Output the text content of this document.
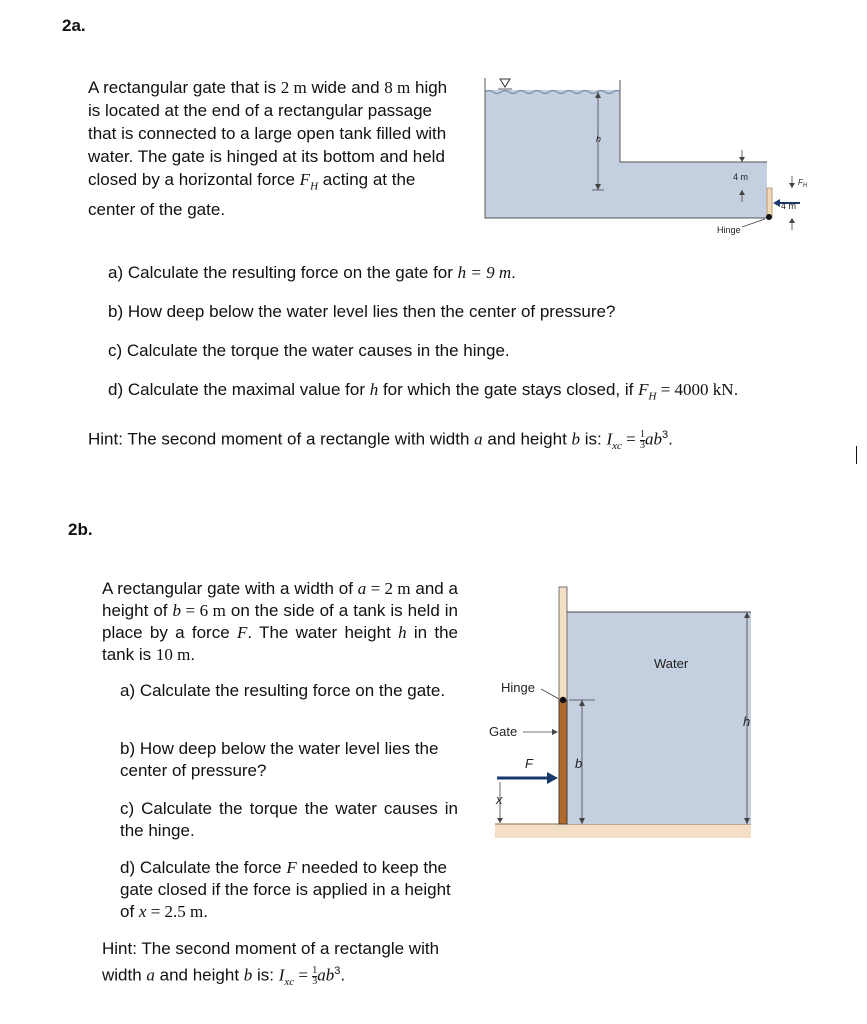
2a.
A rectangular gate that is 2 m wide and 8 m high is located at the end of a rectangular passage that is connected to a large open tank filled with water. The gate is hinged at its bottom and held closed by a horizontal force $F_H$ acting at the center of the gate.
h
4 m
$F_H$
4 m
Hinge
a) Calculate the resulting force on the gate for h = 9 m.
b) How deep below the water level lies then the center of pressure?
c) Calculate the torque the water causes in the hinge.
d) Calculate the maximal value for h for which the gate stays closed, if $F_H = 4000$ kN.
Hint: The second moment of a rectangle with width a and height b is: $I_{xc} = \frac{1}{3} ab^3$.
2b.
A rectangular gate with a width of a = 2 m and a height of b = 6 m on the side of a tank is held in place by a force F. The water height h in the tank is 10 m.
a) Calculate the resulting force on the gate.
b) How deep below the water level lies the center of pressure?
c) Calculate the torque the water causes in the hinge.
d) Calculate the force F needed to keep the gate closed if the force is applied in a height of x = 2.5 m.
Hint: The second moment of a rectangle with width a and height b is: $I_{xc} = \frac{1}{3} ab^3$.
Hinge
Gate
F
x
b
h
Water
